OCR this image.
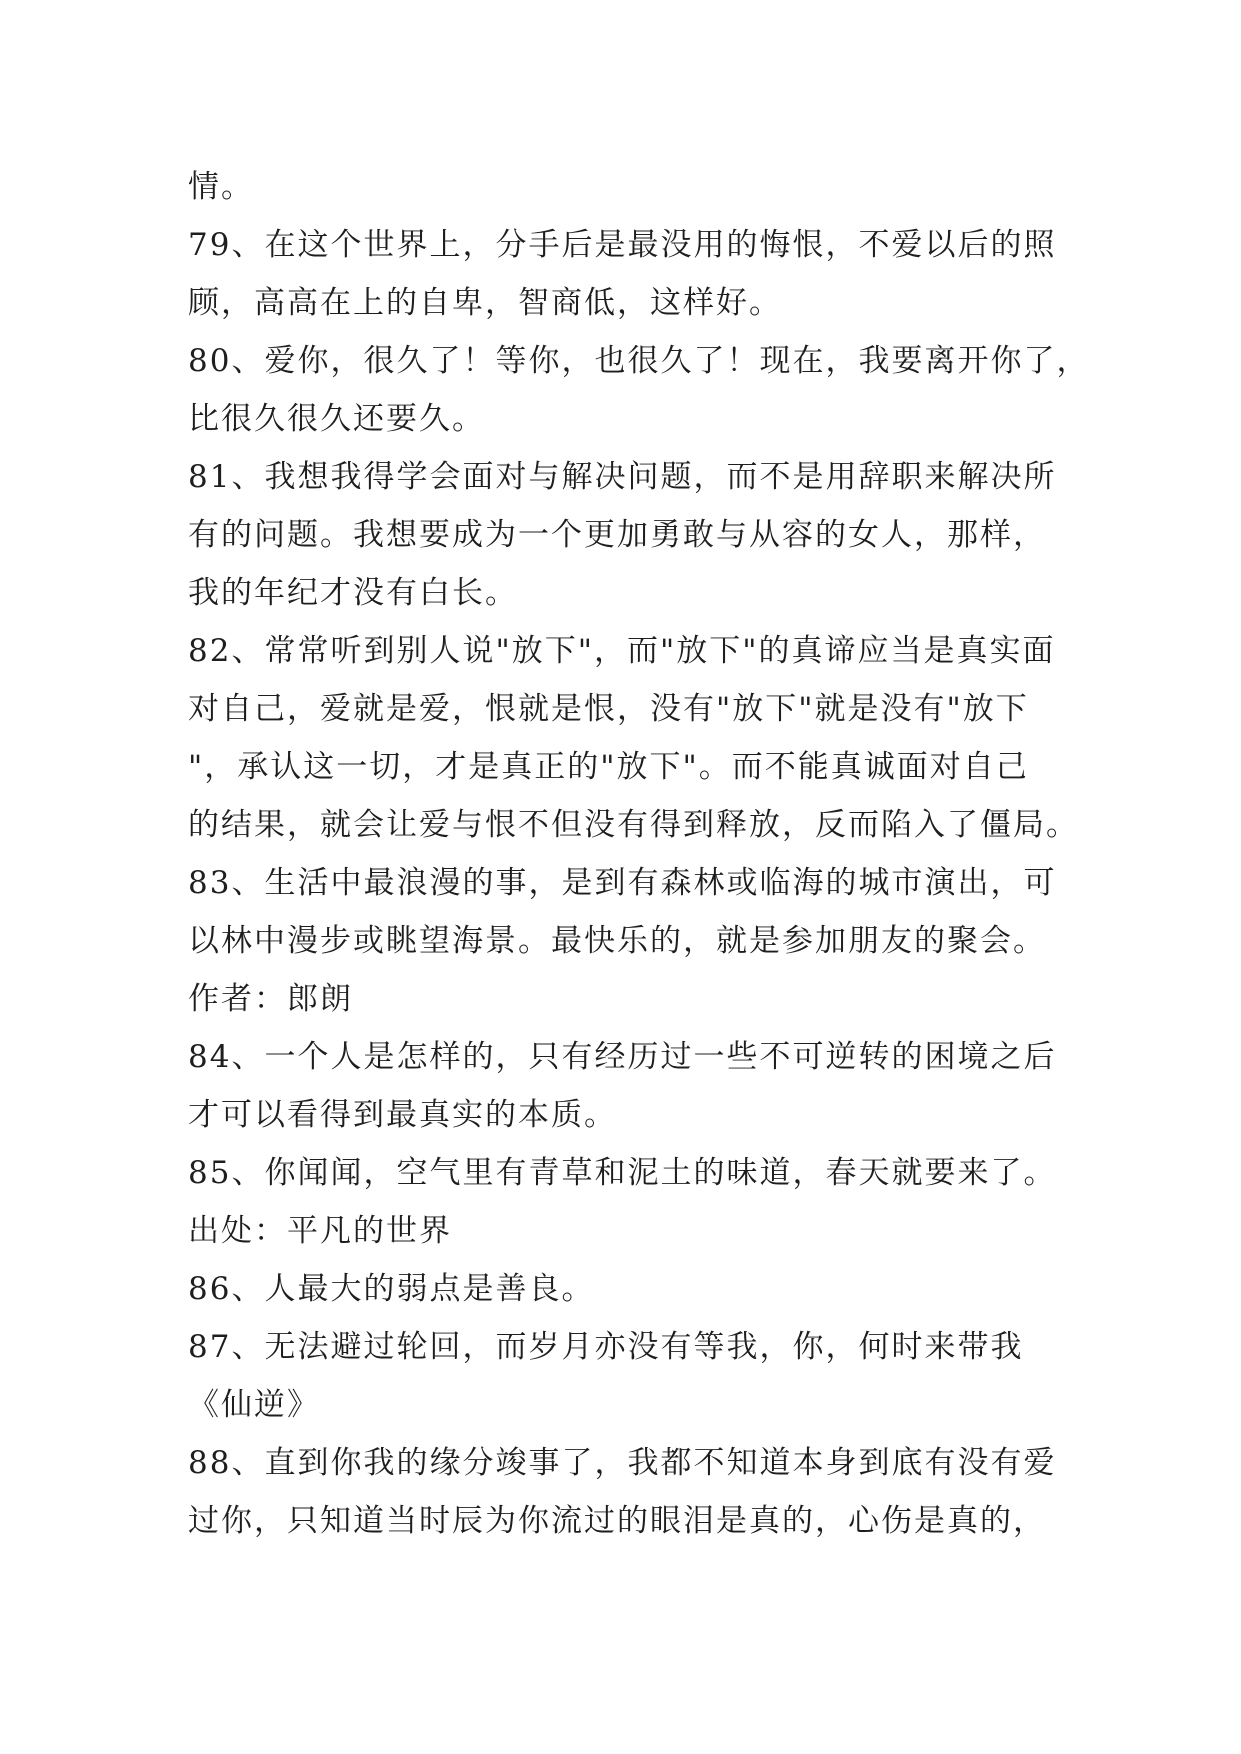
情。
79、在这个世界上，分手后是最没用的悔恨，不爱以后的照
顾，高高在上的自卑，智商低，这样好。
80、爱你，很久了！等你，也很久了！现在，我要离开你了，
比很久很久还要久。
81、我想我得学会面对与解决问题，而不是用辞职来解决所
有的问题。我想要成为一个更加勇敢与从容的女人，那样，
我的年纪才没有白长。
82、常常听到别人说"放下"，而"放下"的真谛应当是真实面
对自己，爱就是爱，恨就是恨，没有"放下"就是没有"放下
"，承认这一切，才是真正的"放下"。而不能真诚面对自己
的结果，就会让爱与恨不但没有得到释放，反而陷入了僵局。
83、生活中最浪漫的事，是到有森林或临海的城市演出，可
以林中漫步或眺望海景。最快乐的，就是参加朋友的聚会。
作者：郎朗
84、一个人是怎样的，只有经历过一些不可逆转的困境之后
才可以看得到最真实的本质。
85、你闻闻，空气里有青草和泥土的味道，春天就要来了。
出处：平凡的世界
86、人最大的弱点是善良。
87、无法避过轮回，而岁月亦没有等我，你，何时来带我
《仙逆》
88、直到你我的缘分竣事了，我都不知道本身到底有没有爱
过你，只知道当时辰为你流过的眼泪是真的，心伤是真的，
